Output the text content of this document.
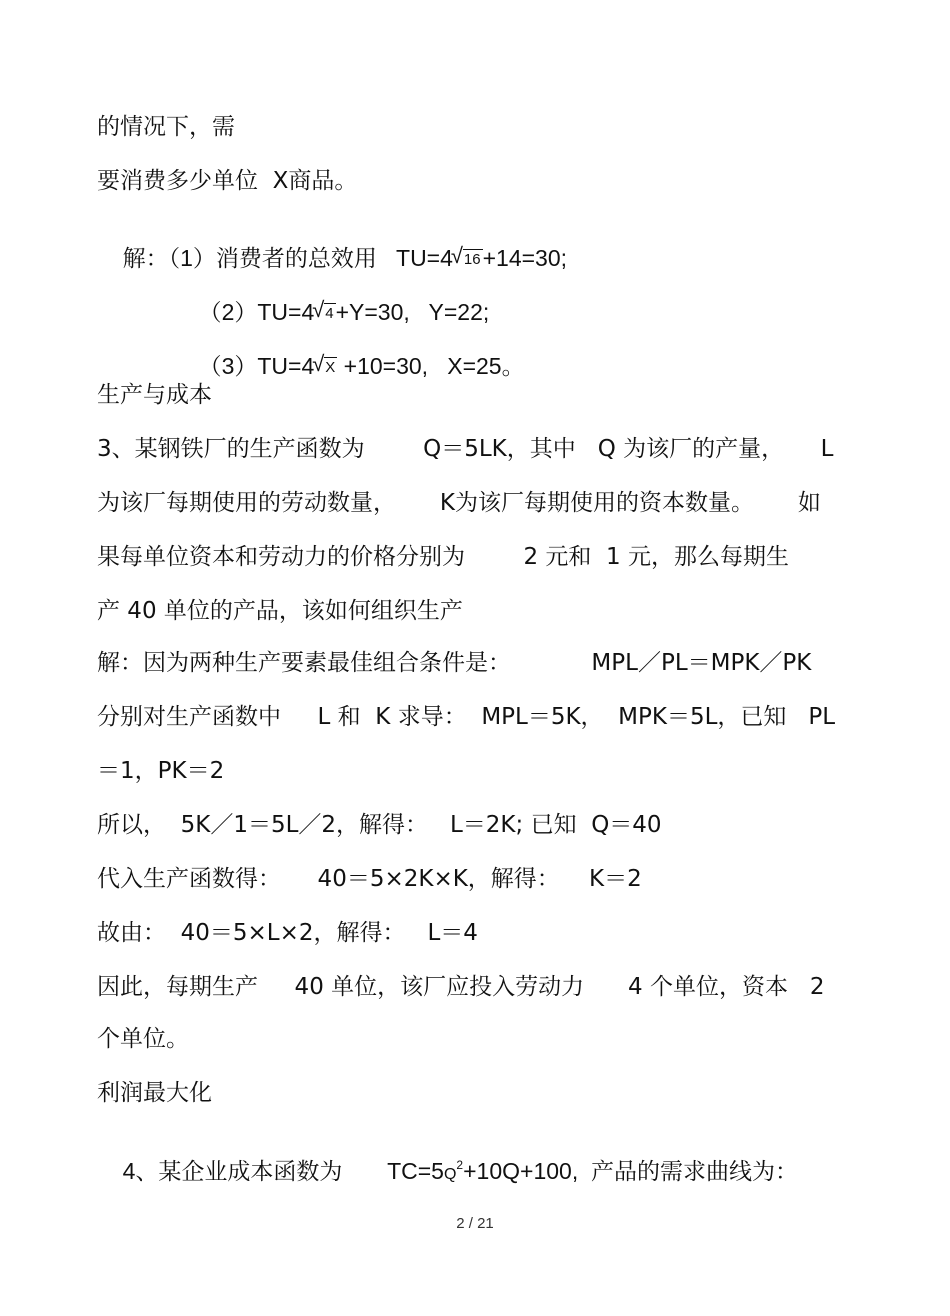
的情况下，需
要消费多少单位  X商品。

解：（1）消费者的总效用   TU=4 √ 16+14=30;

（2）TU=4 √ 4+Y=30,   Y=22;

（3）TU=4 √ X +10=30,   X=25。

生产与成本
3、某钢铁厂的生产函数为        Q＝5LK，其中   Q 为该厂的产量，     L
为该厂每期使用的劳动数量，      K为该厂每期使用的资本数量。      如
果每单位资本和劳动力的价格分别为        2 元和  1 元，那么每期生
产 40 单位的产品，该如何组织生产
解：因为两种生产要素最佳组合条件是：           MPL／PL＝MPK／PK
分别对生产函数中     L 和  K 求导：  MPL＝5K，  MPK＝5L，已知   PL
＝1，PK＝2
所以，  5K／1＝5L／2，解得：   L＝2K; 已知  Q＝40
代入生产函数得：     40＝5×2K×K，解得：    K＝2
故由：  40＝5×L×2，解得：   L＝4
因此，每期生产     40 单位，该厂应投入劳动力      4 个单位，资本   2
个单位。
利润最大化

4、某企业成本函数为       $TC=5Q^2+10Q+100$,  产品的需求曲线为：

2 / 21
